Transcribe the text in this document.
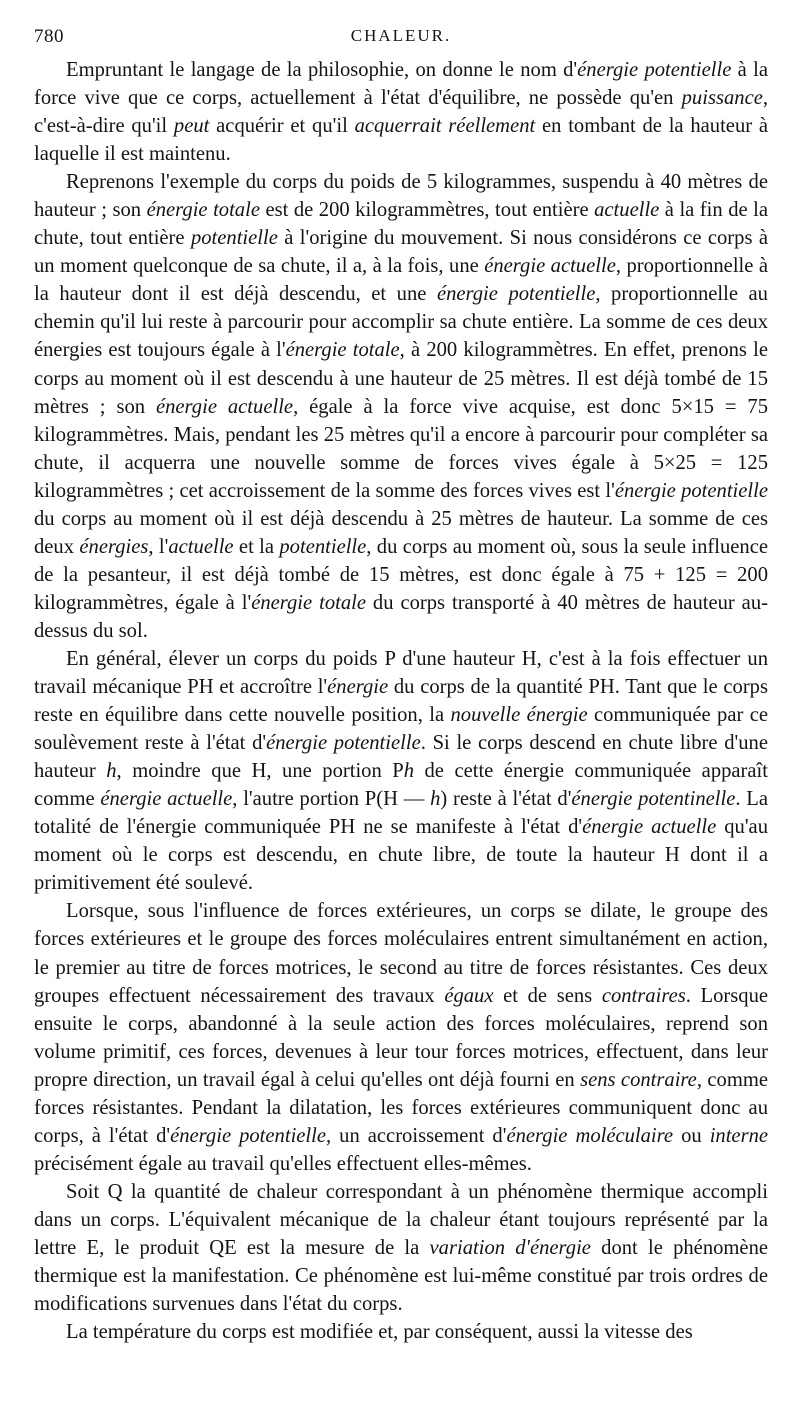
780	CHALEUR.

Empruntant le langage de la philosophie, on donne le nom d'énergie potentielle à la force vive que ce corps, actuellement à l'état d'équilibre, ne possède qu'en puissance, c'est-à-dire qu'il peut acquérir et qu'il acquerrait réellement en tombant de la hauteur à laquelle il est maintenu.

Reprenons l'exemple du corps du poids de 5 kilogrammes, suspendu à 40 mètres de hauteur ; son énergie totale est de 200 kilogrammètres, tout entière actuelle à la fin de la chute, tout entière potentielle à l'origine du mouvement. Si nous considérons ce corps à un moment quelconque de sa chute, il a, à la fois, une énergie actuelle, proportionnelle à la hauteur dont il est déjà descendu, et une énergie potentielle, proportionnelle au chemin qu'il lui reste à parcourir pour accomplir sa chute entière. La somme de ces deux énergies est toujours égale à l'énergie totale, à 200 kilogrammètres. En effet, prenons le corps au moment où il est descendu à une hauteur de 25 mètres. Il est déjà tombé de 15 mètres ; son énergie actuelle, égale à la force vive acquise, est donc 5×15 = 75 kilogrammètres. Mais, pendant les 25 mètres qu'il a encore à parcourir pour compléter sa chute, il acquerra une nouvelle somme de forces vives égale à 5×25 = 125 kilogrammètres ; cet accroissement de la somme des forces vives est l'énergie potentielle du corps au moment où il est déjà descendu à 25 mètres de hauteur. La somme de ces deux énergies, l'actuelle et la potentielle, du corps au moment où, sous la seule influence de la pesanteur, il est déjà tombé de 15 mètres, est donc égale à 75 + 125 = 200 kilogrammètres, égale à l'énergie totale du corps transporté à 40 mètres de hauteur au-dessus du sol.

En général, élever un corps du poids P d'une hauteur H, c'est à la fois effectuer un travail mécanique PH et accroître l'énergie du corps de la quantité PH. Tant que le corps reste en équilibre dans cette nouvelle position, la nouvelle énergie communiquée par ce soulèvement reste à l'état d'énergie potentielle. Si le corps descend en chute libre d'une hauteur h, moindre que H, une portion Ph de cette énergie communiquée apparaît comme énergie actuelle, l'autre portion P(H — h) reste à l'état d'énergie potentinelle. La totalité de l'énergie communiquée PH ne se manifeste à l'état d'énergie actuelle qu'au moment où le corps est descendu, en chute libre, de toute la hauteur H dont il a primitivement été soulevé.

Lorsque, sous l'influence de forces extérieures, un corps se dilate, le groupe des forces extérieures et le groupe des forces moléculaires entrent simultanément en action, le premier au titre de forces motrices, le second au titre de forces résistantes. Ces deux groupes effectuent nécessairement des travaux égaux et de sens contraires. Lorsque ensuite le corps, abandonné à la seule action des forces moléculaires, reprend son volume primitif, ces forces, devenues à leur tour forces motrices, effectuent, dans leur propre direction, un travail égal à celui qu'elles ont déjà fourni en sens contraire, comme forces résistantes. Pendant la dilatation, les forces extérieures communiquent donc au corps, à l'état d'énergie potentielle, un accroissement d'énergie moléculaire ou interne précisément égale au travail qu'elles effectuent elles-mêmes.

Soit Q la quantité de chaleur correspondant à un phénomène thermique accompli dans un corps. L'équivalent mécanique de la chaleur étant toujours représenté par la lettre E, le produit QE est la mesure de la variation d'énergie dont le phénomène thermique est la manifestation. Ce phénomène est lui-même constitué par trois ordres de modifications survenues dans l'état du corps.

La température du corps est modifiée et, par conséquent, aussi la vitesse des
